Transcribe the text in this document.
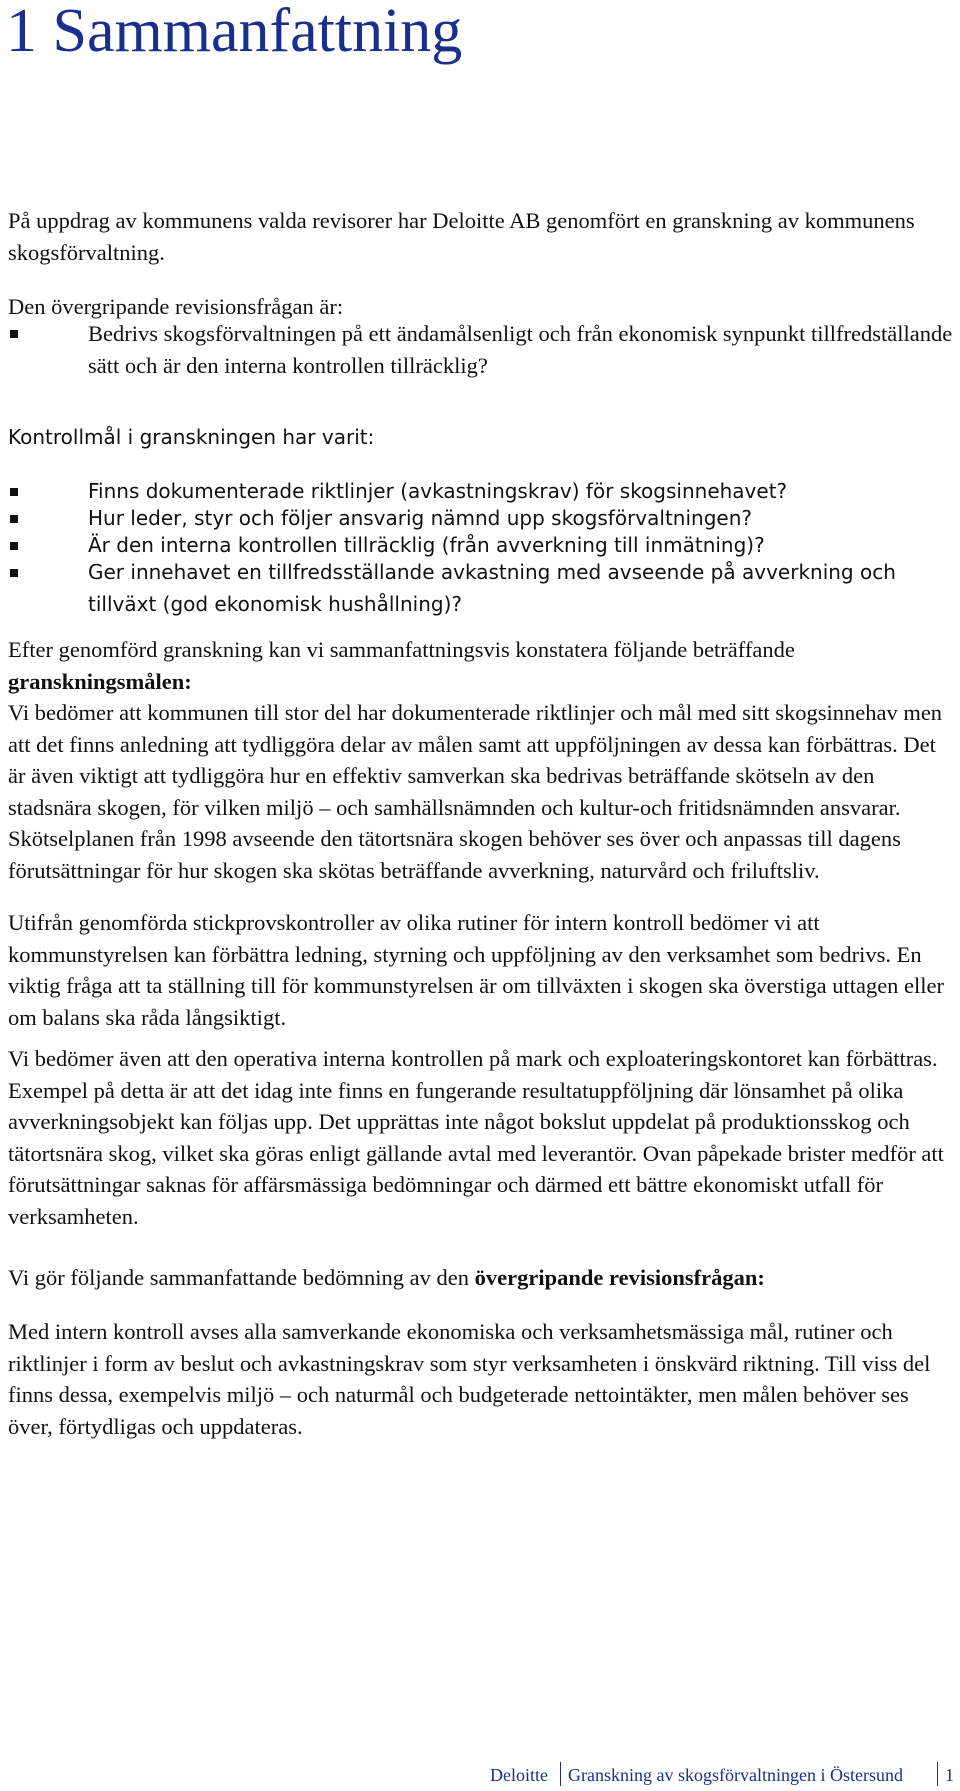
1 Sammanfattning

På uppdrag av kommunens valda revisorer har Deloitte AB genomfört en granskning av kommunens skogsförvaltning.

Den övergripande revisionsfrågan är:

Bedrivs skogsförvaltningen på ett ändamålsenligt och från ekonomisk synpunkt tillfredställande sätt och är den interna kontrollen tillräcklig?

Kontrollmål i granskningen har varit:

Finns dokumenterade riktlinjer (avkastningskrav) för skogsinnehavet?
Hur leder, styr och följer ansvarig nämnd upp skogsförvaltningen?
Är den interna kontrollen tillräcklig (från avverkning till inmätning)?
Ger innehavet en tillfredsställande avkastning med avseende på avverkning och tillväxt (god ekonomisk hushållning)?

Efter genomförd granskning kan vi sammanfattningsvis konstatera följande beträffande granskningsmålen:
Vi bedömer att kommunen till stor del har dokumenterade riktlinjer och mål med sitt skogsinnehav men att det finns anledning att tydliggöra delar av målen samt att uppföljningen av dessa kan förbättras. Det är även viktigt att tydliggöra hur en effektiv samverkan ska bedrivas beträffande skötseln av den stadsnära skogen, för vilken miljö – och samhällsnämnden och kultur-och fritidsnämnden ansvarar. Skötselplanen från 1998 avseende den tätortsnära skogen behöver ses över och anpassas till dagens förutsättningar för hur skogen ska skötas beträffande avverkning, naturvård och friluftsliv.

Utifrån genomförda stickprovskontroller av olika rutiner för intern kontroll bedömer vi att kommunstyrelsen kan förbättra ledning, styrning och uppföljning av den verksamhet som bedrivs. En viktig fråga att ta ställning till för kommunstyrelsen är om tillväxten i skogen ska överstiga uttagen eller om balans ska råda långsiktigt.

Vi bedömer även att den operativa interna kontrollen på mark och exploateringskontoret kan förbättras. Exempel på detta är att det idag inte finns en fungerande resultatuppföljning där lönsamhet på olika avverkningsobjekt kan följas upp. Det upprättas inte något bokslut uppdelat på produktionsskog och tätortsnära skog, vilket ska göras enligt gällande avtal med leverantör. Ovan påpekade brister medför att förutsättningar saknas för affärsmässiga bedömningar och därmed ett bättre ekonomiskt utfall för verksamheten.

Vi gör följande sammanfattande bedömning av den övergripande revisionsfrågan:

Med intern kontroll avses alla samverkande ekonomiska och verksamhetsmässiga mål, rutiner och riktlinjer i form av beslut och avkastningskrav som styr verksamheten i önskvärd riktning. Till viss del finns dessa, exempelvis miljö – och naturmål och budgeterade nettointäkter, men målen behöver ses över, förtydligas och uppdateras.

Deloitte Granskning av skogsförvaltningen i Östersund 1
